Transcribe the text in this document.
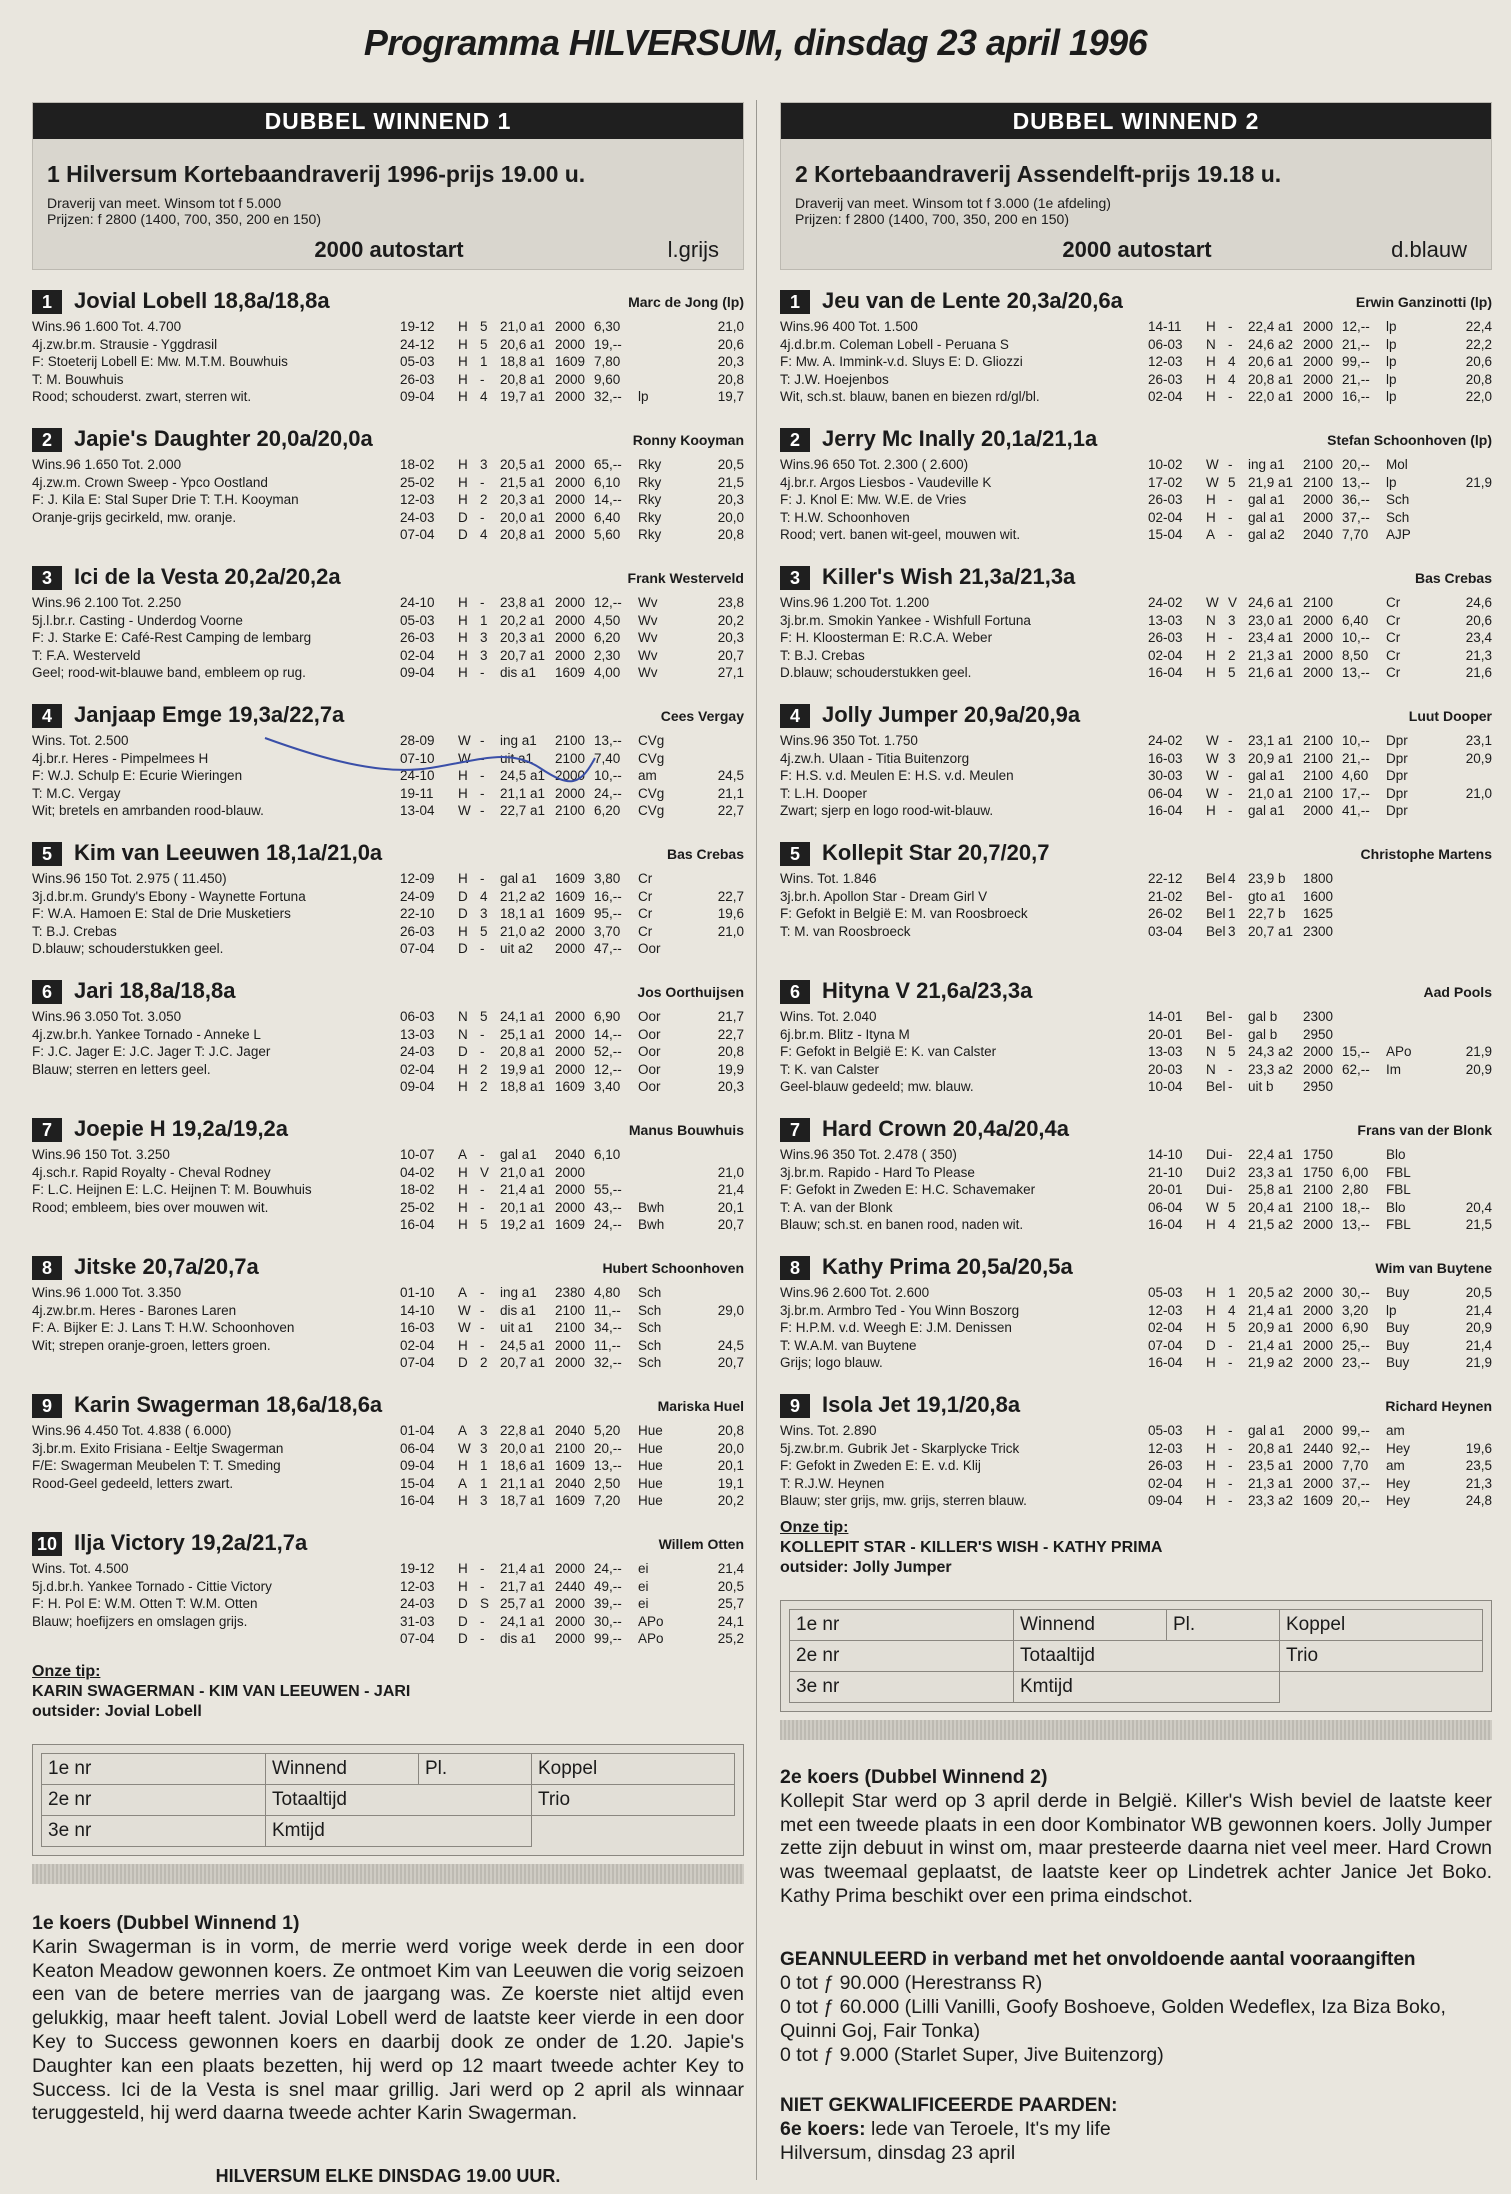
Programma HILVERSUM, dinsdag 23 april 1996
DUBBEL WINNEND 1
1 Hilversum Kortebaandraverij 1996-prijs 19.00 u.
Draverij van meet. Winsom tot f 5.000
Prijzen: f 2800 (1400, 700, 350, 200 en 150)
2000 autostart	l.grijs
1	Jovial Lobell 18,8a/18,8a	Marc de Jong (lp)
Wins.96 1.600 Tot. 4.700
4j.zw.br.m. Strausie - Yggdrasil
F: Stoeterij Lobell E: Mw. M.T.M. Bouwhuis
T: M. Bouwhuis
Rood; schouderst. zwart, sterren wit.
19-12	H	5	21,0 a1	2000	6,30		21,0
24-12	H	5	20,6 a1	2000	19,--		20,6
05-03	H	1	18,8 a1	1609	7,80		20,3
26-03	H	-	20,8 a1	2000	9,60		20,8
09-04	H	4	19,7 a1	2000	32,--	lp	19,7
2	Japie's Daughter 20,0a/20,0a	Ronny Kooyman
Wins.96 1.650 Tot. 2.000
4j.zw.m. Crown Sweep - Ypco Oostland
F: J. Kila E: Stal Super Drie T: T.H. Kooyman
Oranje-grijs gecirkeld, mw. oranje.
18-02	H	3	20,5 a1	2000	65,--	Rky	20,5
25-02	H	-	21,5 a1	2000	6,10	Rky	21,5
12-03	H	2	20,3 a1	2000	14,--	Rky	20,3
24-03	D	-	20,0 a1	2000	6,40	Rky	20,0
07-04	D	4	20,8 a1	2000	5,60	Rky	20,8
3	Ici de la Vesta 20,2a/20,2a	Frank Westerveld
Wins.96 2.100 Tot. 2.250
5j.l.br.r. Casting - Underdog Voorne
F: J. Starke E: Café-Rest Camping de lembarg
T: F.A. Westerveld
Geel; rood-wit-blauwe band, embleem op rug.
24-10	H	-	23,8 a1	2000	12,--	Wv	23,8
05-03	H	1	20,2 a1	2000	4,50	Wv	20,2
26-03	H	3	20,3 a1	2000	6,20	Wv	20,3
02-04	H	3	20,7 a1	2000	2,30	Wv	20,7
09-04	H	-	dis a1	1609	4,00	Wv	27,1
4	Janjaap Emge 19,3a/22,7a	Cees Vergay
Wins. Tot. 2.500
4j.br.r. Heres - Pimpelmees H
F: W.J. Schulp E: Ecurie Wieringen
T: M.C. Vergay
Wit; bretels en amrbanden rood-blauw.
28-09	W	-	ing a1	2100	13,--	CVg	
07-10	W	-	uit a1	2100	7,40	CVg	
24-10	H	-	24,5 a1	2000	10,--	am	24,5
19-11	H	-	21,1 a1	2000	24,--	CVg	21,1
13-04	W	-	22,7 a1	2100	6,20	CVg	22,7
5	Kim van Leeuwen 18,1a/21,0a	Bas Crebas
Wins.96 150 Tot. 2.975 ( 11.450)
3j.d.br.m. Grundy's Ebony - Waynette Fortuna
F: W.A. Hamoen E: Stal de Drie Musketiers
T: B.J. Crebas
D.blauw; schouderstukken geel.
12-09	H	-	gal a1	1609	3,80	Cr	
24-09	D	4	21,2 a2	1609	16,--	Cr	22,7
22-10	D	3	18,1 a1	1609	95,--	Cr	19,6
26-03	H	5	21,0 a2	2000	3,70	Cr	21,0
07-04	D	-	uit a2	2000	47,--	Oor	
6	Jari 18,8a/18,8a	Jos Oorthuijsen
Wins.96 3.050 Tot. 3.050
4j.zw.br.h. Yankee Tornado - Anneke L
F: J.C. Jager E: J.C. Jager T: J.C. Jager
Blauw; sterren en letters geel.
06-03	N	5	24,1 a1	2000	6,90	Oor	21,7
13-03	N	-	25,1 a1	2000	14,--	Oor	22,7
24-03	D	-	20,8 a1	2000	52,--	Oor	20,8
02-04	H	2	19,9 a1	2000	12,--	Oor	19,9
09-04	H	2	18,8 a1	1609	3,40	Oor	20,3
7	Joepie H 19,2a/19,2a	Manus Bouwhuis
Wins.96 150 Tot. 3.250
4j.sch.r. Rapid Royalty - Cheval Rodney
F: L.C. Heijnen E: L.C. Heijnen T: M. Bouwhuis
Rood; embleem, bies over mouwen wit.
10-07	A	-	gal a1	2040	6,10		
04-02	H	V	21,0 a1	2000			21,0
18-02	H	-	21,4 a1	2000	55,--		21,4
25-02	H	-	20,1 a1	2000	43,--	Bwh	20,1
16-04	H	5	19,2 a1	1609	24,--	Bwh	20,7
8	Jitske 20,7a/20,7a	Hubert Schoonhoven
Wins.96 1.000 Tot. 3.350
4j.zw.br.m. Heres - Barones Laren
F: A. Bijker E: J. Lans T: H.W. Schoonhoven
Wit; strepen oranje-groen, letters groen.
01-10	A	-	ing a1	2380	4,80	Sch	
14-10	W	-	dis a1	2100	11,--	Sch	29,0
16-03	W	-	uit a1	2100	34,--	Sch	
02-04	H	-	24,5 a1	2000	11,--	Sch	24,5
07-04	D	2	20,7 a1	2000	32,--	Sch	20,7
9	Karin Swagerman 18,6a/18,6a	Mariska Huel
Wins.96 4.450 Tot. 4.838 ( 6.000)
3j.br.m. Exito Frisiana - Eeltje Swagerman
F/E: Swagerman Meubelen T: T. Smeding
Rood-Geel gedeeld, letters zwart.
01-04	A	3	22,8 a1	2040	5,20	Hue	20,8
06-04	W	3	20,0 a1	2100	20,--	Hue	20,0
09-04	H	1	18,6 a1	1609	13,--	Hue	20,1
15-04	A	1	21,1 a1	2040	2,50	Hue	19,1
16-04	H	3	18,7 a1	1609	7,20	Hue	20,2
10 Ilja Victory 19,2a/21,7a	Willem Otten
Wins. Tot. 4.500
5j.d.br.h. Yankee Tornado - Cittie Victory
F: H. Pol E: W.M. Otten T: W.M. Otten
Blauw; hoefijzers en omslagen grijs.
19-12	H	-	21,4 a1	2000	24,--	ei	21,4
12-03	H	-	21,7 a1	2440	49,--	ei	20,5
24-03	D	S	25,7 a1	2000	39,--	ei	25,7
31-03	D	-	24,1 a1	2000	30,--	APo	24,1
07-04	D	-	dis a1	2000	99,--	APo	25,2
Onze tip:
KARIN SWAGERMAN - KIM VAN LEEUWEN - JARI
outsider: Jovial Lobell
1e nr	Winnend	Pl.	Koppel
2e nr	Totaaltijd		Trio
3e nr	Kmtijd		
1e koers (Dubbel Winnend 1)
Karin Swagerman is in vorm, de merrie werd vorige week derde in een door Keaton Meadow gewonnen koers. Ze ontmoet Kim van Leeuwen die vorig seizoen een van de betere merries van de jaargang was. Ze koerste niet altijd even gelukkig, maar heeft talent. Jovial Lobell werd de laatste keer vierde in een door Key to Success gewonnen koers en daarbij dook ze onder de 1.20. Japie's Daughter kan een plaats bezetten, hij werd op 12 maart tweede achter Key to Success. Ici de la Vesta is snel maar grillig. Jari werd op 2 april als winnaar teruggesteld, hij werd daarna tweede achter Karin Swagerman.
HILVERSUM ELKE DINSDAG 19.00 UUR.
DUBBEL WINNEND 2
2 Kortebaandraverij Assendelft-prijs 19.18 u.
Draverij van meet. Winsom tot f 3.000 (1e afdeling)
Prijzen: f 2800 (1400, 700, 350, 200 en 150)
2000 autostart	d.blauw
1	Jeu van de Lente 20,3a/20,6a	Erwin Ganzinotti (lp)
Wins.96 400 Tot. 1.500
4j.d.br.m. Coleman Lobell - Peruana S
F: Mw. A. Immink-v.d. Sluys E: D. Gliozzi
T: J.W. Hoejenbos
Wit, sch.st. blauw, banen en biezen rd/gl/bl.
14-11	H	-	22,4 a1	2000	12,--	lp	22,4
06-03	N	-	24,6 a2	2000	21,--	lp	22,2
12-03	H	4	20,6 a1	2000	99,--	lp	20,6
26-03	H	4	20,8 a1	2000	21,--	lp	20,8
02-04	H	-	22,0 a1	2000	16,--	lp	22,0
2	Jerry Mc Inally 20,1a/21,1a	Stefan Schoonhoven (lp)
Wins.96 650 Tot. 2.300 ( 2.600)
4j.br.r. Argos Liesbos - Vaudeville K
F: J. Knol E: Mw. W.E. de Vries
T: H.W. Schoonhoven
Rood; vert. banen wit-geel, mouwen wit.
10-02	W	-	ing a1	2100	20,--	Mol	
17-02	W	5	21,9 a1	2100	13,--	lp	21,9
26-03	H	-	gal a1	2000	36,--	Sch	
02-04	H	-	gal a1	2000	37,--	Sch	
15-04	A	-	gal a2	2040	7,70	AJP	
3	Killer's Wish 21,3a/21,3a	Bas Crebas
Wins.96 1.200 Tot. 1.200
3j.br.m. Smokin Yankee - Wishfull Fortuna
F: H. Kloosterman E: R.C.A. Weber
T: B.J. Crebas
D.blauw; schouderstukken geel.
24-02	W	V	24,6 a1	2100		Cr	24,6
13-03	N	3	23,0 a1	2000	6,40	Cr	20,6
26-03	H	-	23,4 a1	2000	10,--	Cr	23,4
02-04	H	2	21,3 a1	2000	8,50	Cr	21,3
16-04	H	5	21,6 a1	2000	13,--	Cr	21,6
4	Jolly Jumper 20,9a/20,9a	Luut Dooper
Wins.96 350 Tot. 1.750
4j.zw.h. Ulaan - Titia Buitenzorg
F: H.S. v.d. Meulen E: H.S. v.d. Meulen
T: L.H. Dooper
Zwart; sjerp en logo rood-wit-blauw.
24-02	W	-	23,1 a1	2100	10,--	Dpr	23,1
16-03	W	3	20,9 a1	2100	21,--	Dpr	20,9
30-03	W	-	gal a1	2100	4,60	Dpr	
06-04	W	-	21,0 a1	2100	17,--	Dpr	21,0
16-04	H	-	gal a1	2000	41,--	Dpr	
5	Kollepit Star 20,7/20,7	Christophe Martens
Wins. Tot. 1.846
3j.br.h. Apollon Star - Dream Girl V
F: Gefokt in België E: M. van Roosbroeck
T: M. van Roosbroeck
22-12	Bel	4	23,9 b	1800			
21-02	Bel	-	gto a1	1600			
26-02	Bel	1	22,7 b	1625			
03-04	Bel	3	20,7 a1	2300			

6	Hityna V 21,6a/23,3a	Aad Pools
Wins. Tot. 2.040
6j.br.m. Blitz - Ityna M
F: Gefokt in België E: K. van Calster
T: K. van Calster
Geel-blauw gedeeld; mw. blauw.
14-01	Bel	-	gal b	2300			
20-01	Bel	-	gal b	2950			
13-03	N	5	24,3 a2	2000	15,--	APo	21,9
20-03	N	-	23,3 a2	2000	62,--	Im	20,9
10-04	Bel	-	uit b	2950			
7	Hard Crown 20,4a/20,4a	Frans van der Blonk
Wins.96 350 Tot. 2.478 ( 350)
3j.br.m. Rapido - Hard To Please
F: Gefokt in Zweden E: H.C. Schavemaker
T: A. van der Blonk
Blauw; sch.st. en banen rood, naden wit.
14-10	Dui	-	22,4 a1	1750		Blo	
21-10	Dui	2	23,3 a1	1750	6,00	FBL	
20-01	Dui	-	25,8 a1	2100	2,80	FBL	
06-04	W	5	20,4 a1	2100	18,--	Blo	20,4
16-04	H	4	21,5 a2	2000	13,--	FBL	21,5
8	Kathy Prima 20,5a/20,5a	Wim van Buytene
Wins.96 2.600 Tot. 2.600
3j.br.m. Armbro Ted - You Winn Boszorg
F: H.P.M. v.d. Weegh E: J.M. Denissen
T: W.A.M. van Buytene
Grijs; logo blauw.
05-03	H	1	20,5 a2	2000	30,--	Buy	20,5
12-03	H	4	21,4 a1	2000	3,20	lp	21,4
02-04	H	5	20,9 a1	2000	6,90	Buy	20,9
07-04	D	-	21,4 a1	2000	25,--	Buy	21,4
16-04	H	-	21,9 a2	2000	23,--	Buy	21,9
9	Isola Jet 19,1/20,8a	Richard Heynen
Wins. Tot. 2.890
5j.zw.br.m. Gubrik Jet - Skarplycke Trick
F: Gefokt in Zweden E: E. v.d. Klij
T: R.J.W. Heynen
Blauw; ster grijs, mw. grijs, sterren blauw.
05-03	H	-	gal a1	2000	99,--	am	
12-03	H	-	20,8 a1	2440	92,--	Hey	19,6
26-03	H	-	23,5 a1	2000	7,70	am	23,5
02-04	H	-	21,3 a1	2000	37,--	Hey	21,3
09-04	H	-	23,3 a2	1609	20,--	Hey	24,8
Onze tip:
KOLLEPIT STAR - KILLER'S WISH - KATHY PRIMA
outsider: Jolly Jumper
1e nr	Winnend	Pl.	Koppel
2e nr	Totaaltijd		Trio
3e nr	Kmtijd		
2e koers (Dubbel Winnend 2)
Kollepit Star werd op 3 april derde in België. Killer's Wish beviel de laatste keer met een tweede plaats in een door Kombinator WB gewonnen koers. Jolly Jumper zette zijn debuut in winst om, maar presteerde daarna niet veel meer. Hard Crown was tweemaal geplaatst, de laatste keer op Lindetrek achter Janice Jet Boko. Kathy Prima beschikt over een prima eindschot.
GEANNULEERD in verband met het onvoldoende aantal vooraangiften
0 tot ƒ 90.000 (Herestranss R)
0 tot ƒ 60.000 (Lilli Vanilli, Goofy Boshoeve, Golden Wedeflex, Iza Biza Boko, Quinni Goj, Fair Tonka)
0 tot ƒ 9.000 (Starlet Super, Jive Buitenzorg)
NIET GEKWALIFICEERDE PAARDEN:
6e koers: lede van Teroele, It's my life
Hilversum, dinsdag 23 april
